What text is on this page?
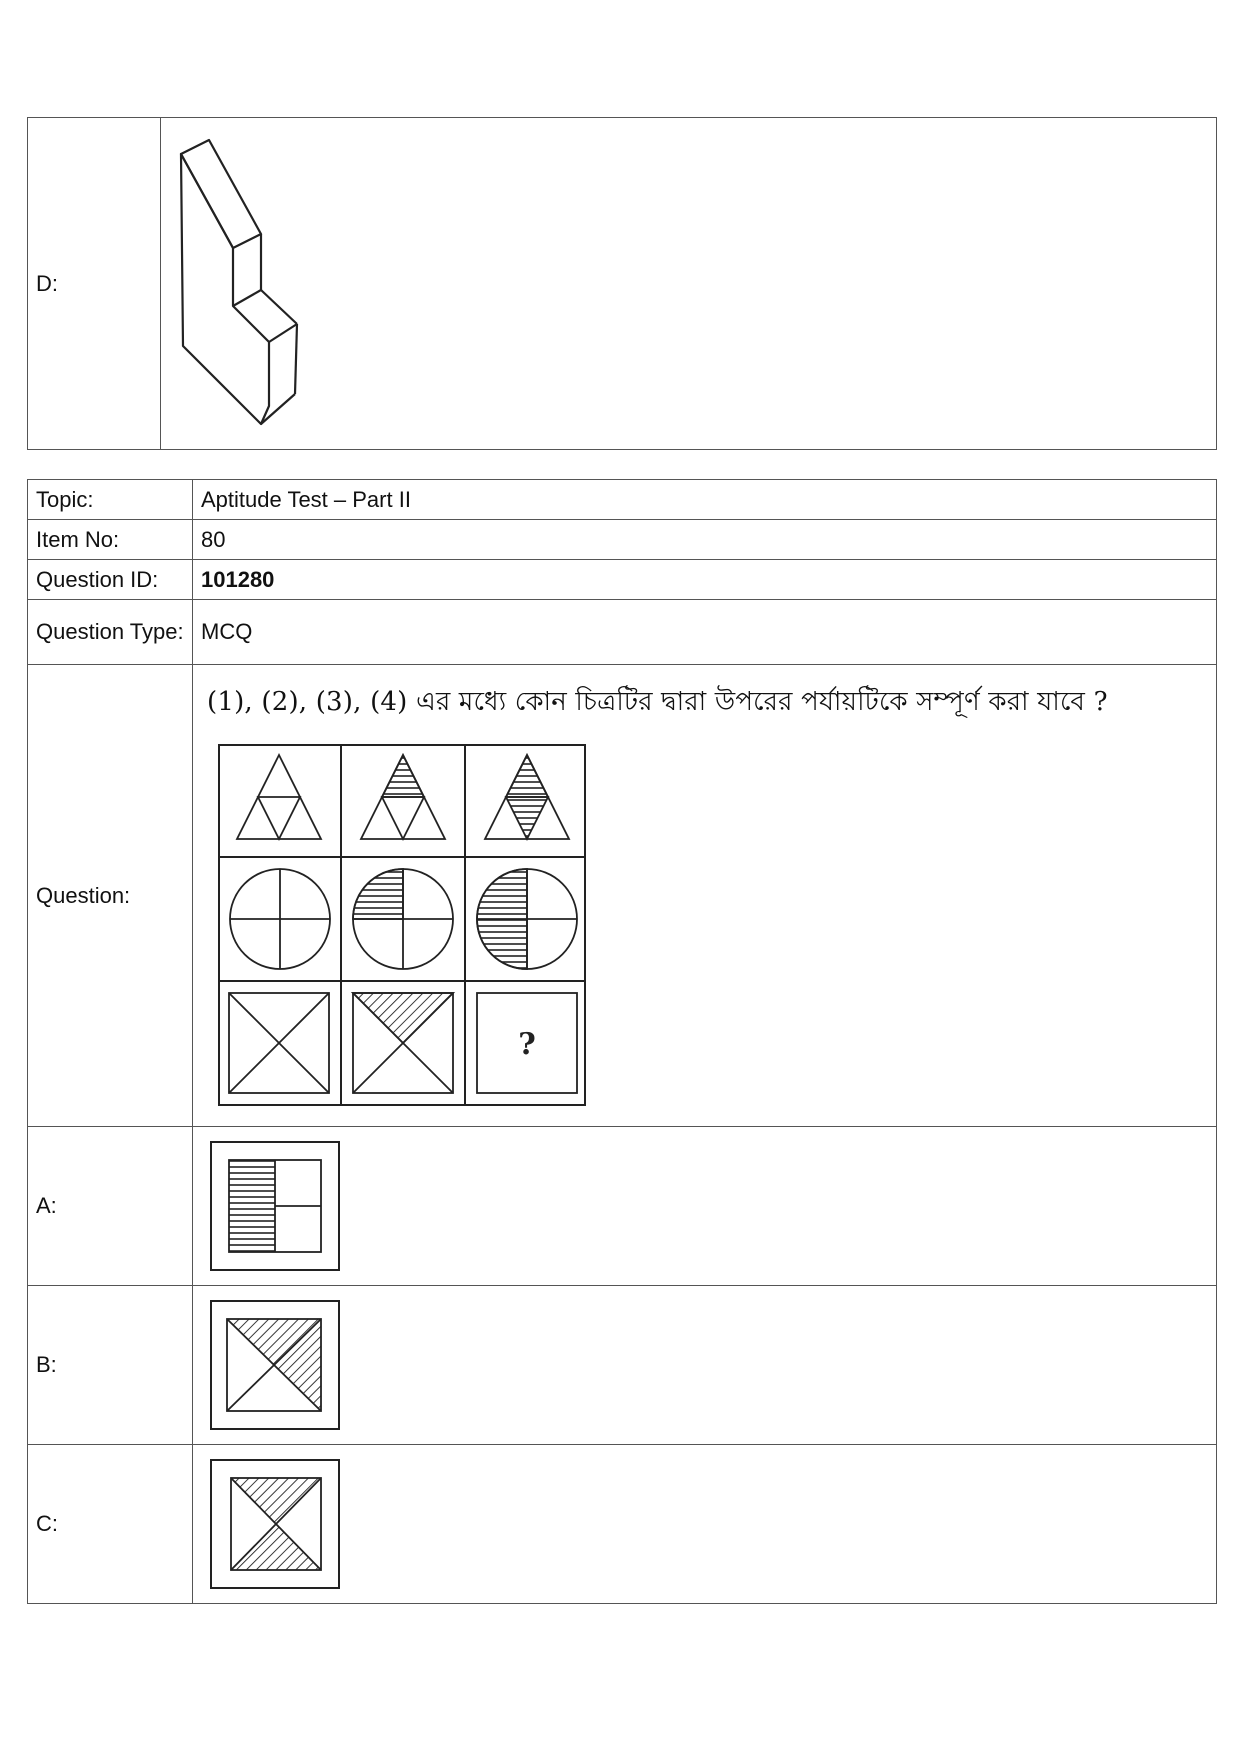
D:	
Topic:	Aptitude Test – Part II
Item No:	80
Question ID:	101280
Question Type:	MCQ
Question:	(1), (2), (3), (4) এর মধ্যে কোন চিত্রটির দ্বারা উপরের পর্যায়টিকে সম্পূর্ণ করা যাবে ?
?

A:	

B:	

C:	
